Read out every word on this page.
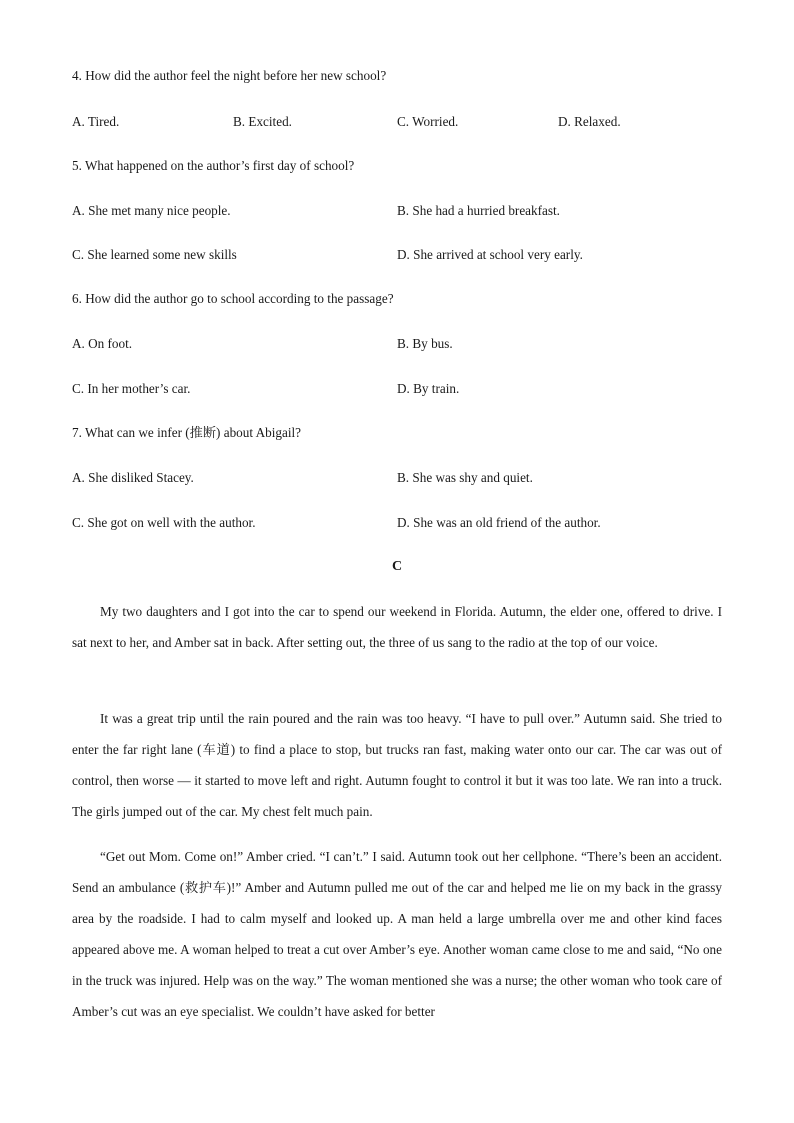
4. How did the author feel the night before her new school?
A. Tired.	B. Excited.	C. Worried.	D. Relaxed.
5. What happened on the author’s first day of school?
A. She met many nice people.	B. She had a hurried breakfast.
C. She learned some new skills	D. She arrived at school very early.
6. How did the author go to school according to the passage?
A. On foot.	B. By bus.
C. In her mother’s car.	D. By train.
7. What can we infer (推断) about Abigail?
A. She disliked Stacey.	B. She was shy and quiet.
C. She got on well with the author.	D. She was an old friend of the author.
C

My two daughters and I got into the car to spend our weekend in Florida. Autumn, the elder one, offered to drive. I sat next to her, and Amber sat in back. After setting out, the three of us sang to the radio at the top of our voice.

It was a great trip until the rain poured and the rain was too heavy. “I have to pull over.” Autumn said. She tried to enter the far right lane (车道) to find a place to stop, but trucks ran fast, making water onto our car. The car was out of control, then worse — it started to move left and right. Autumn fought to control it but it was too late. We ran into a truck. The girls jumped out of the car. My chest felt much pain.

“Get out Mom. Come on!” Amber cried. “I can’t.” I said. Autumn took out her cellphone. “There’s been an accident. Send an ambulance (救护车)!” Amber and Autumn pulled me out of the car and helped me lie on my back in the grassy area by the roadside. I had to calm myself and looked up. A man held a large umbrella over me and other kind faces appeared above me. A woman helped to treat a cut over Amber’s eye. Another woman came close to me and said, “No one in the truck was injured. Help was on the way.” The woman mentioned she was a nurse; the other woman who took care of Amber’s cut was an eye specialist. We couldn’t have asked for better
